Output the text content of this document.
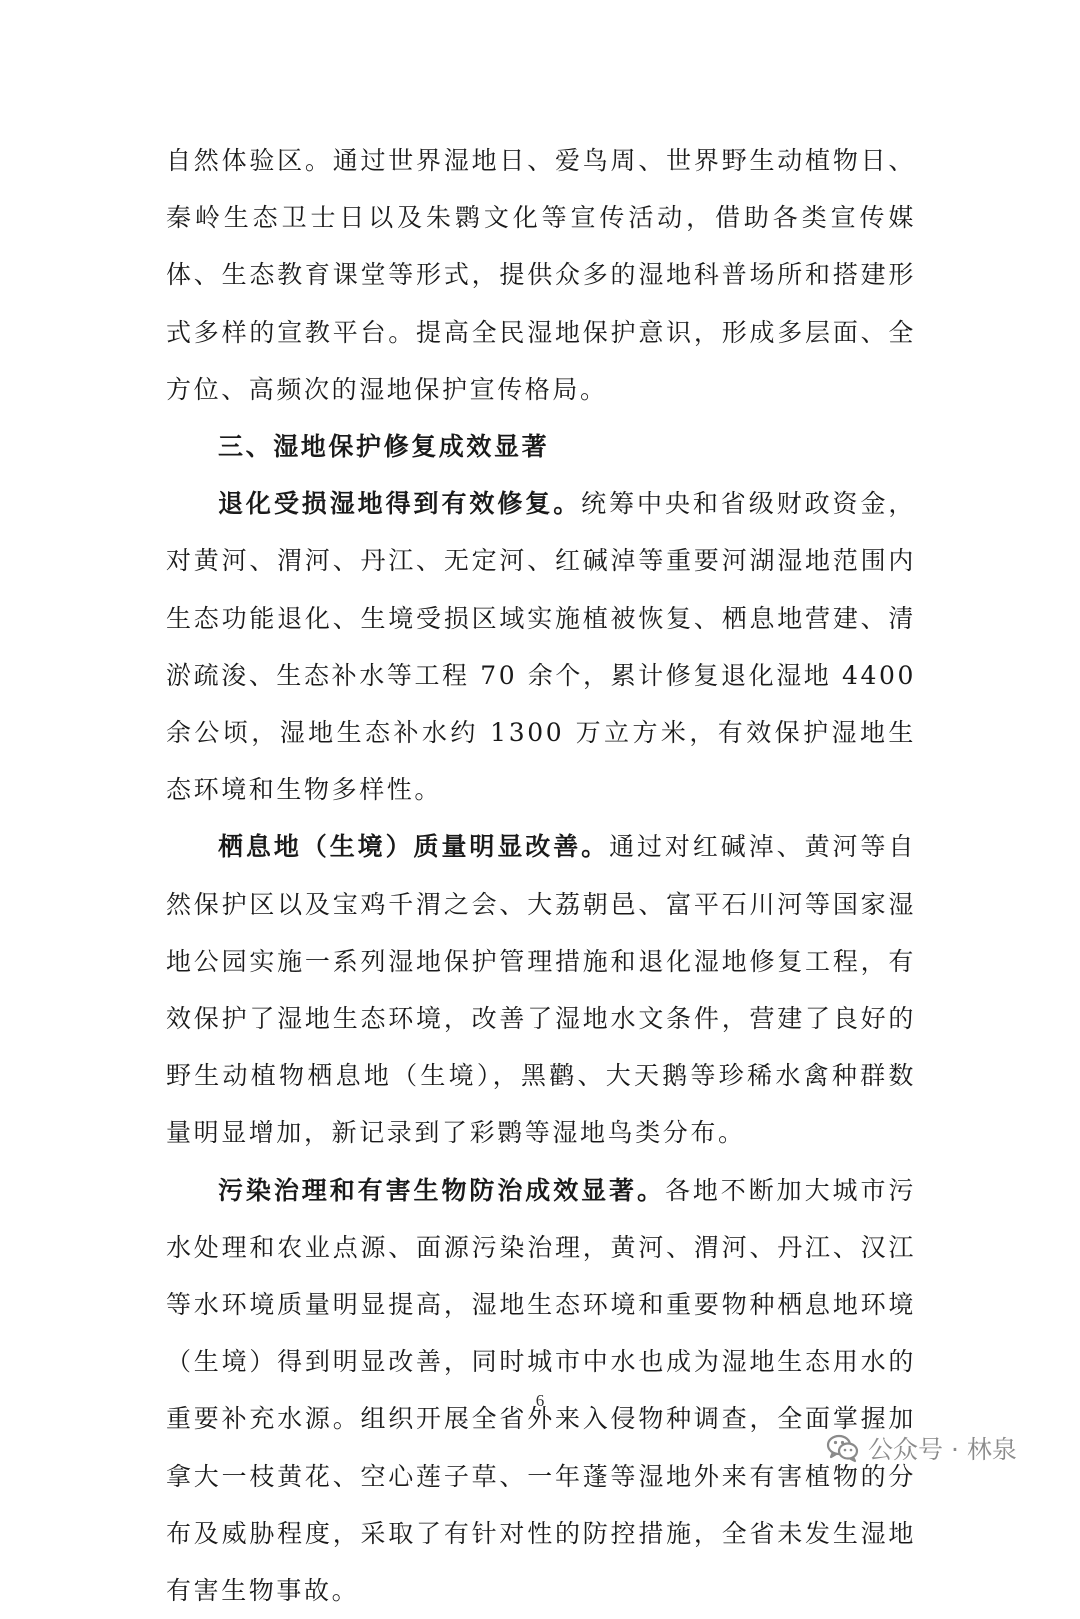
自然体验区。通过世界湿地日、爱鸟周、世界野生动植物日、秦岭生态卫士日以及朱鹮文化等宣传活动，借助各类宣传媒体、生态教育课堂等形式，提供众多的湿地科普场所和搭建形式多样的宣教平台。提高全民湿地保护意识，形成多层面、全方位、高频次的湿地保护宣传格局。

三、湿地保护修复成效显著

退化受损湿地得到有效修复。统筹中央和省级财政资金，对黄河、渭河、丹江、无定河、红碱淖等重要河湖湿地范围内生态功能退化、生境受损区域实施植被恢复、栖息地营建、清淤疏浚、生态补水等工程 70 余个，累计修复退化湿地 4400 余公顷，湿地生态补水约 1300 万立方米，有效保护湿地生态环境和生物多样性。

栖息地（生境）质量明显改善。通过对红碱淖、黄河等自然保护区以及宝鸡千渭之会、大荔朝邑、富平石川河等国家湿地公园实施一系列湿地保护管理措施和退化湿地修复工程，有效保护了湿地生态环境，改善了湿地水文条件，营建了良好的野生动植物栖息地（生境），黑鹳、大天鹅等珍稀水禽种群数量明显增加，新记录到了彩鹮等湿地鸟类分布。

污染治理和有害生物防治成效显著。各地不断加大城市污水处理和农业点源、面源污染治理，黄河、渭河、丹江、汉江等水环境质量明显提高，湿地生态环境和重要物种栖息地环境（生境）得到明显改善，同时城市中水也成为湿地生态用水的重要补充水源。组织开展全省外来入侵物种调查，全面掌握加拿大一枝黄花、空心莲子草、一年蓬等湿地外来有害植物的分布及威胁程度，采取了有针对性的防控措施，全省未发生湿地有害生物事故。

6
公众号 · 林泉
